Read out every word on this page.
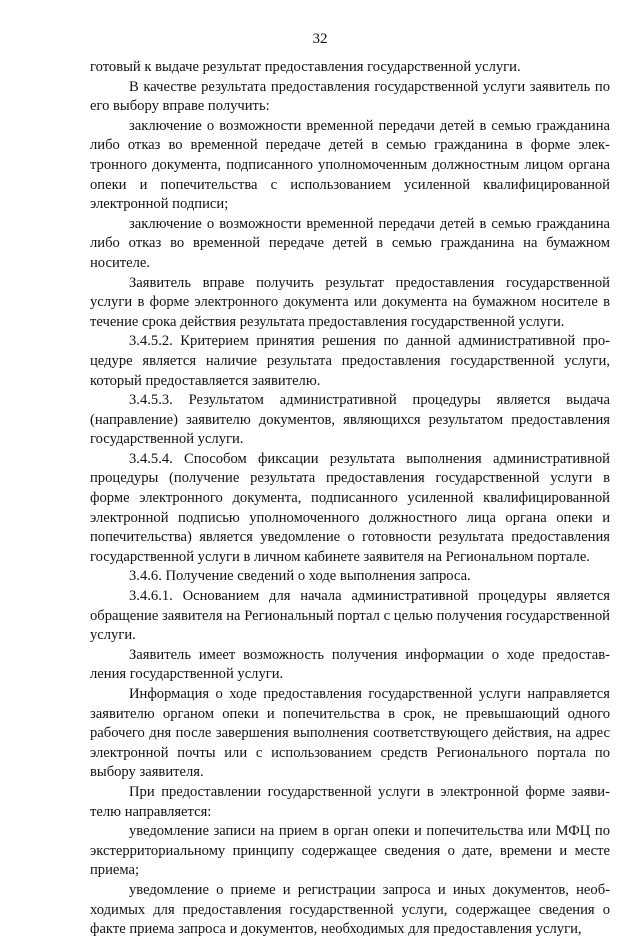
32

готовый к выдаче результат предоставления государственной услуги.

В качестве результата предоставления государственной услуги заявитель по его выбору вправе получить:

заключение о возможности временной передачи детей в семью гражданина либо отказ во временной передаче детей в семью гражданина в форме электронного документа, подписанного уполномоченным должностным лицом органа опеки и попечительства с использованием усиленной квалифицированной электронной подписи;

заключение о возможности временной передачи детей в семью гражданина либо отказ во временной передаче детей в семью гражданина на бумажном носителе.

Заявитель вправе получить результат предоставления государственной услуги в форме электронного документа или документа на бумажном носителе в течение срока действия результата предоставления государственной услуги.

3.4.5.2. Критерием принятия решения по данной административной процедуре является наличие результата предоставления государственной услуги, который предоставляется заявителю.

3.4.5.3. Результатом административной процедуры является выдача (направление) заявителю документов, являющихся результатом предоставления государственной услуги.

3.4.5.4. Способом фиксации результата выполнения административной процедуры (получение результата предоставления государственной услуги в форме электронного документа, подписанного усиленной квалифицированной электронной подписью уполномоченного должностного лица органа опеки и попечительства) является уведомление о готовности результата предоставления государственной услуги в личном кабинете заявителя на Региональном портале.

3.4.6. Получение сведений о ходе выполнения запроса.

3.4.6.1. Основанием для начала административной процедуры является обращение заявителя на Региональный портал с целью получения государственной услуги.

Заявитель имеет возможность получения информации о ходе предоставления государственной услуги.

Информация о ходе предоставления государственной услуги направляется заявителю органом опеки и попечительства в срок, не превышающий одного рабочего дня после завершения выполнения соответствующего действия, на адрес электронной почты или с использованием средств Регионального портала по выбору заявителя.

При предоставлении государственной услуги в электронной форме заявителю направляется:

уведомление записи на прием в орган опеки и попечительства или МФЦ по экстерриториальному принципу содержащее сведения о дате, времени и месте приема;

уведомление о приеме и регистрации запроса и иных документов, необходимых для предоставления государственной услуги, содержащее сведения о факте приема запроса и документов, необходимых для предоставления услуги,
